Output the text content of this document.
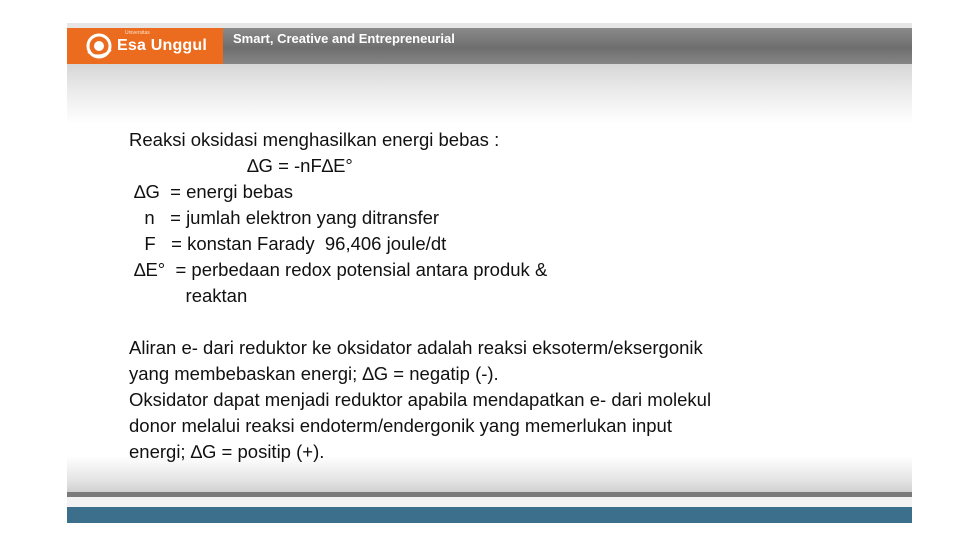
Universitas
Esa Unggul Smart, Creative and Entrepreneurial
Reaksi oksidasi menghasilkan energi bebas :
∆G = -nF∆E°
∆G  = energi bebas
n   = jumlah elektron yang ditransfer
F   = konstan Farady  96,406 joule/dt
∆E°  = perbedaan redox potensial antara produk &
reaktan
Aliran e- dari reduktor ke oksidator adalah reaksi eksoterm/eksergonik
yang membebaskan energi; ∆G = negatip (-).
Oksidator dapat menjadi reduktor apabila mendapatkan e- dari molekul
donor melalui reaksi endoterm/endergonik yang memerlukan input
energi; ∆G = positip (+).
